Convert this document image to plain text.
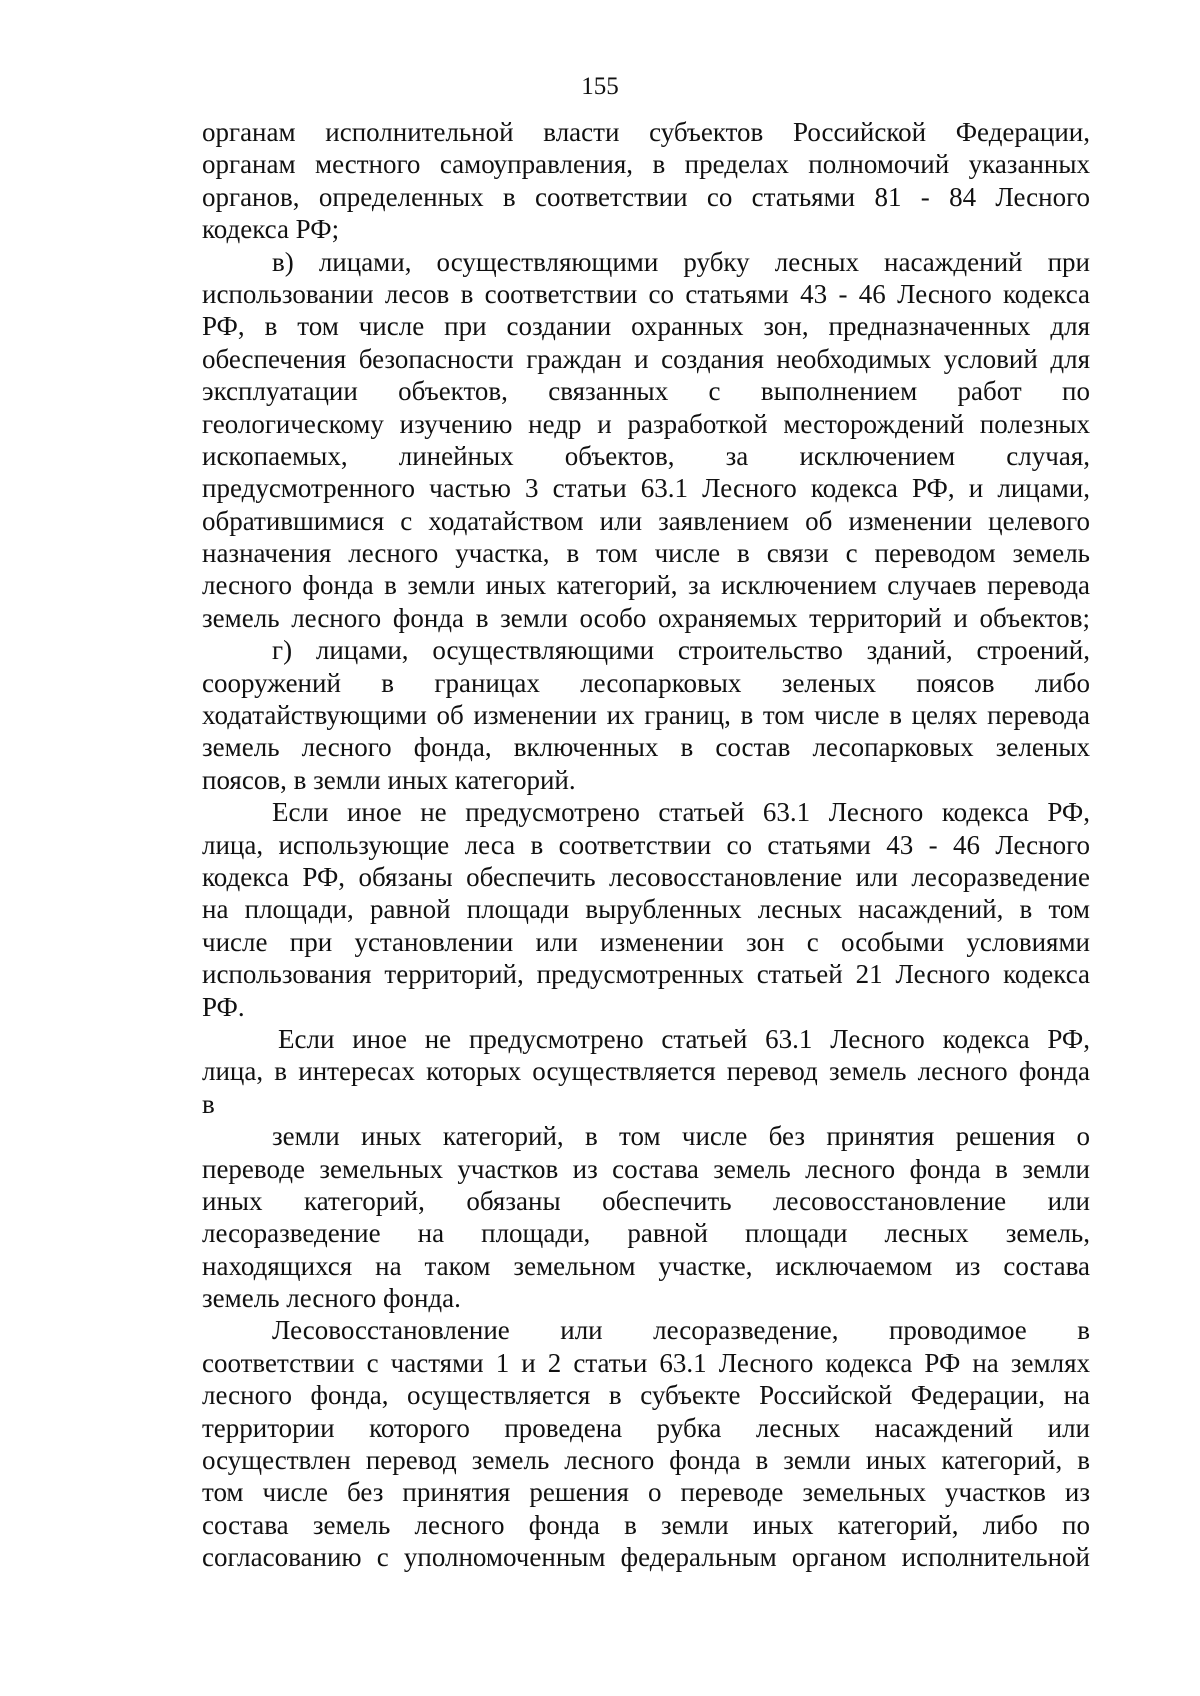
155
органам исполнительной власти субъектов Российской Федерации,
органам местного самоуправления, в пределах полномочий указанных
органов, определенных в соответствии со статьями 81 - 84 Лесного
кодекса РФ;
в) лицами, осуществляющими рубку лесных насаждений при
использовании лесов в соответствии со статьями 43 - 46 Лесного кодекса
РФ, в том числе при создании охранных зон, предназначенных для
обеспечения безопасности граждан и создания необходимых условий для
эксплуатации объектов, связанных с выполнением работ по
геологическому изучению недр и разработкой месторождений полезных
ископаемых, линейных объектов, за исключением случая,
предусмотренного частью 3 статьи 63.1 Лесного кодекса РФ, и лицами,
обратившимися с ходатайством или заявлением об изменении целевого
назначения лесного участка, в том числе в связи с переводом земель
лесного фонда в земли иных категорий, за исключением случаев перевода
земель лесного фонда в земли особо охраняемых территорий и объектов;
г) лицами, осуществляющими строительство зданий, строений,
сооружений в границах лесопарковых зеленых поясов либо
ходатайствующими об изменении их границ, в том числе в целях перевода
земель лесного фонда, включенных в состав лесопарковых зеленых
поясов, в земли иных категорий.
Если иное не предусмотрено статьей 63.1 Лесного кодекса РФ,
лица, использующие леса в соответствии со статьями 43 - 46 Лесного
кодекса РФ, обязаны обеспечить лесовосстановление или лесоразведение
на площади, равной площади вырубленных лесных насаждений, в том
числе при установлении или изменении зон с особыми условиями
использования территорий, предусмотренных статьей 21 Лесного кодекса
РФ.
Если иное не предусмотрено статьей 63.1 Лесного кодекса РФ,
лица, в интересах которых осуществляется перевод земель лесного фонда
в
земли иных категорий, в том числе без принятия решения о
переводе земельных участков из состава земель лесного фонда в земли
иных категорий, обязаны обеспечить лесовосстановление или
лесоразведение на площади, равной площади лесных земель,
находящихся на таком земельном участке, исключаемом из состава
земель лесного фонда.
Лесовосстановление или лесоразведение, проводимое в
соответствии с частями 1 и 2 статьи 63.1 Лесного кодекса РФ на землях
лесного фонда, осуществляется в субъекте Российской Федерации, на
территории которого проведена рубка лесных насаждений или
осуществлен перевод земель лесного фонда в земли иных категорий, в
том числе без принятия решения о переводе земельных участков из
состава земель лесного фонда в земли иных категорий, либо по
согласованию с уполномоченным федеральным органом исполнительной
